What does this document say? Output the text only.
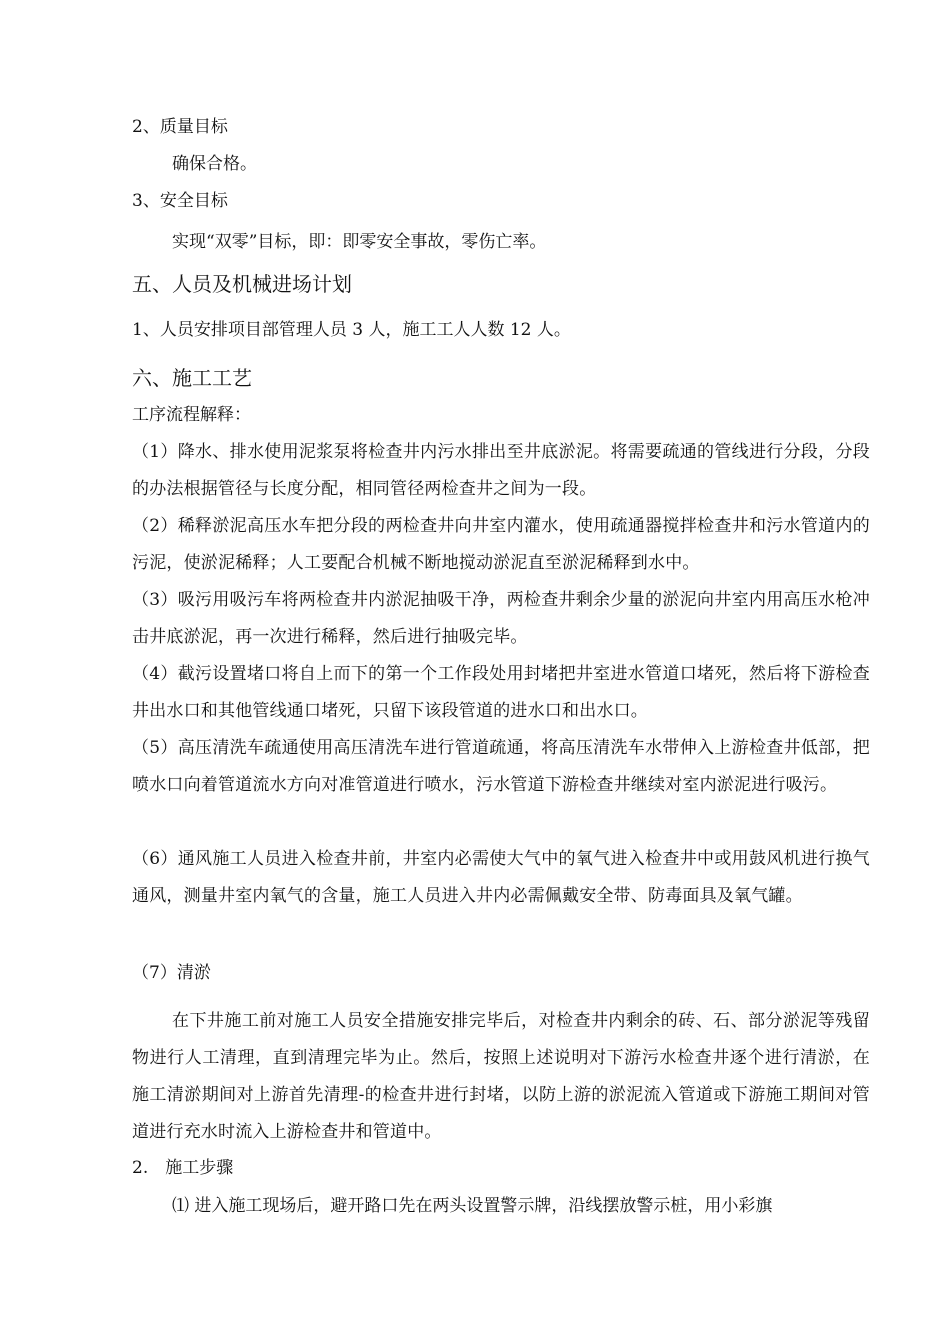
2、质量目标
确保合格。
3、安全目标
实现“双零”目标，即：即零安全事故，零伤亡率。
五、人员及机械进场计划
1、人员安排项目部管理人员 3 人，施工工人人数 12 人。
六、施工工艺
工序流程解释：
（1）降水、排水使用泥浆泵将检查井内污水排出至井底淤泥。将需要疏通的管线进行分段，分段的办法根据管径与长度分配，相同管径两检查井之间为一段。
（2）稀释淤泥高压水车把分段的两检查井向井室内灌水，使用疏通器搅拌检查井和污水管道内的污泥，使淤泥稀释；人工要配合机械不断地搅动淤泥直至淤泥稀释到水中。
（3）吸污用吸污车将两检查井内淤泥抽吸干净，两检查井剩余少量的淤泥向井室内用高压水枪冲击井底淤泥，再一次进行稀释，然后进行抽吸完毕。
（4）截污设置堵口将自上而下的第一个工作段处用封堵把井室进水管道口堵死，然后将下游检查井出水口和其他管线通口堵死，只留下该段管道的进水口和出水口。
（5）高压清洗车疏通使用高压清洗车进行管道疏通，将高压清洗车水带伸入上游检查井低部，把喷水口向着管道流水方向对准管道进行喷水，污水管道下游检查井继续对室内淤泥进行吸污。
（6）通风施工人员进入检查井前，井室内必需使大气中的氧气进入检查井中或用鼓风机进行换气通风，测量井室内氧气的含量，施工人员进入井内必需佩戴安全带、防毒面具及氧气罐。
（7）清淤
在下井施工前对施工人员安全措施安排完毕后，对检查井内剩余的砖、石、部分淤泥等残留物进行人工清理，直到清理完毕为止。然后，按照上述说明对下游污水检查井逐个进行清淤，在施工清淤期间对上游首先清理-的检查井进行封堵，以防上游的淤泥流入管道或下游施工期间对管道进行充水时流入上游检查井和管道中。
2.　施工步骤
⑴ 进入施工现场后，避开路口先在两头设置警示牌，沿线摆放警示桩，用小彩旗
